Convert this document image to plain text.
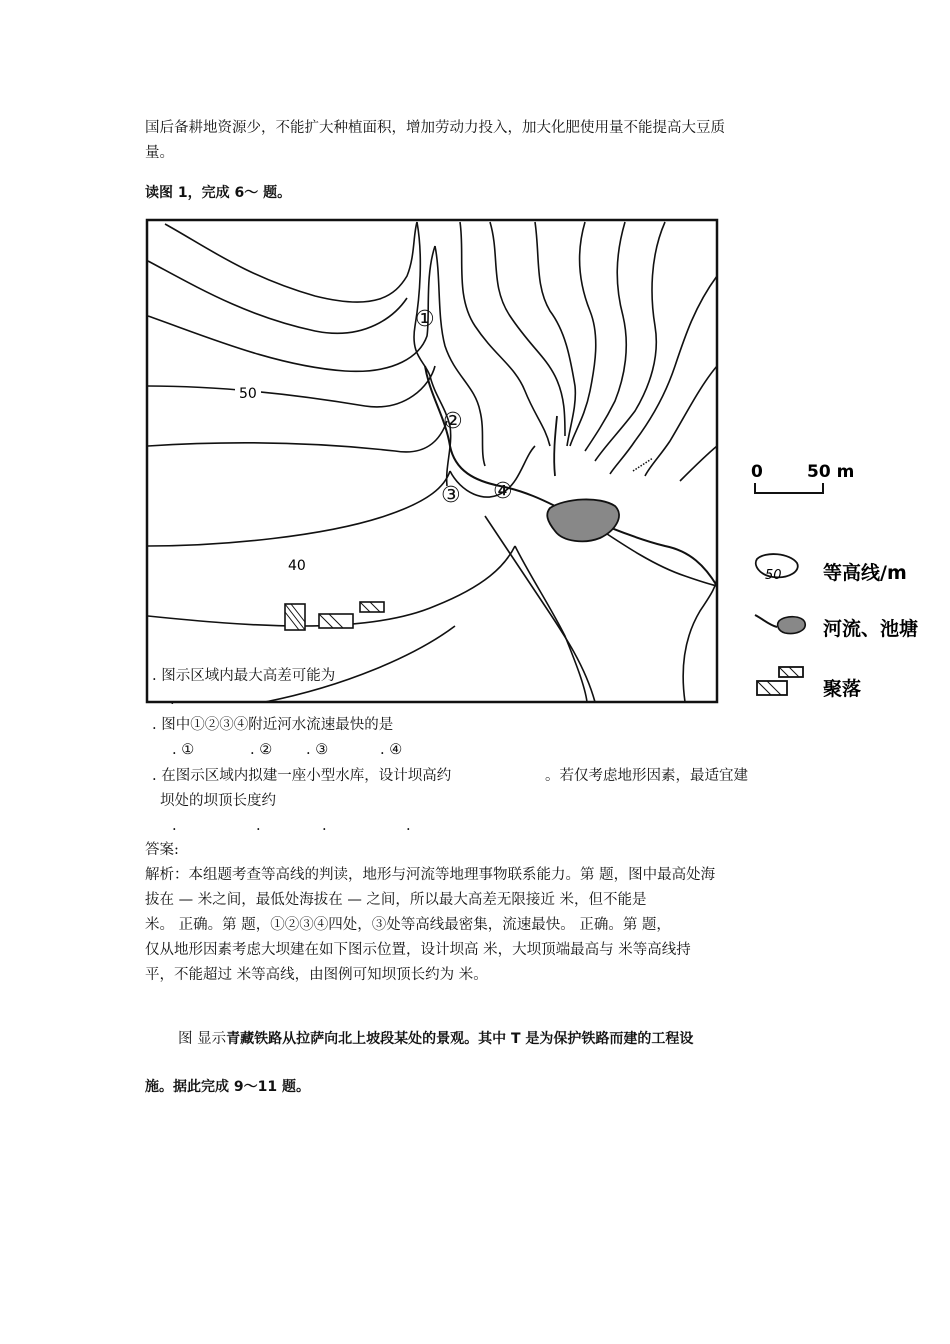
国后备耕地资源少，不能扩大种植面积，增加劳动力投入，加大化肥使用量不能提高大豆质
量。
读图 1，完成 6～ 题。
50
40
①
②
③ ④
0	50 m
50 等高线/m
河流、池塘
聚落
. 图示区域内最大高差可能为
.
. 图中①②③④附近河水流速最快的是
. ①	. ② . ③	. ④
. 在图示区域内拟建一座小型水库，设计坝高约	。若仅考虑地形因素，最适宜建
坝处的坝顶长度约
.	.	.	.
答案:
解析：本组题考查等高线的判读，地形与河流等地理事物联系能力。第 题，图中最高处海
拔在 — 米之间，最低处海拔在 — 之间，所以最大高差无限接近 米，但不能是
米。 正确。第 题，①②③④四处，③处等高线最密集，流速最快。 正确。第 题，
仅从地形因素考虑大坝建在如下图示位置，设计坝高 米，大坝顶端最高与 米等高线持
平，不能超过 米等高线，由图例可知坝顶长约为 米。
图 显示青藏铁路从拉萨向北上坡段某处的景观。其中 T 是为保护铁路而建的工程设
施。据此完成 9～11 题。
